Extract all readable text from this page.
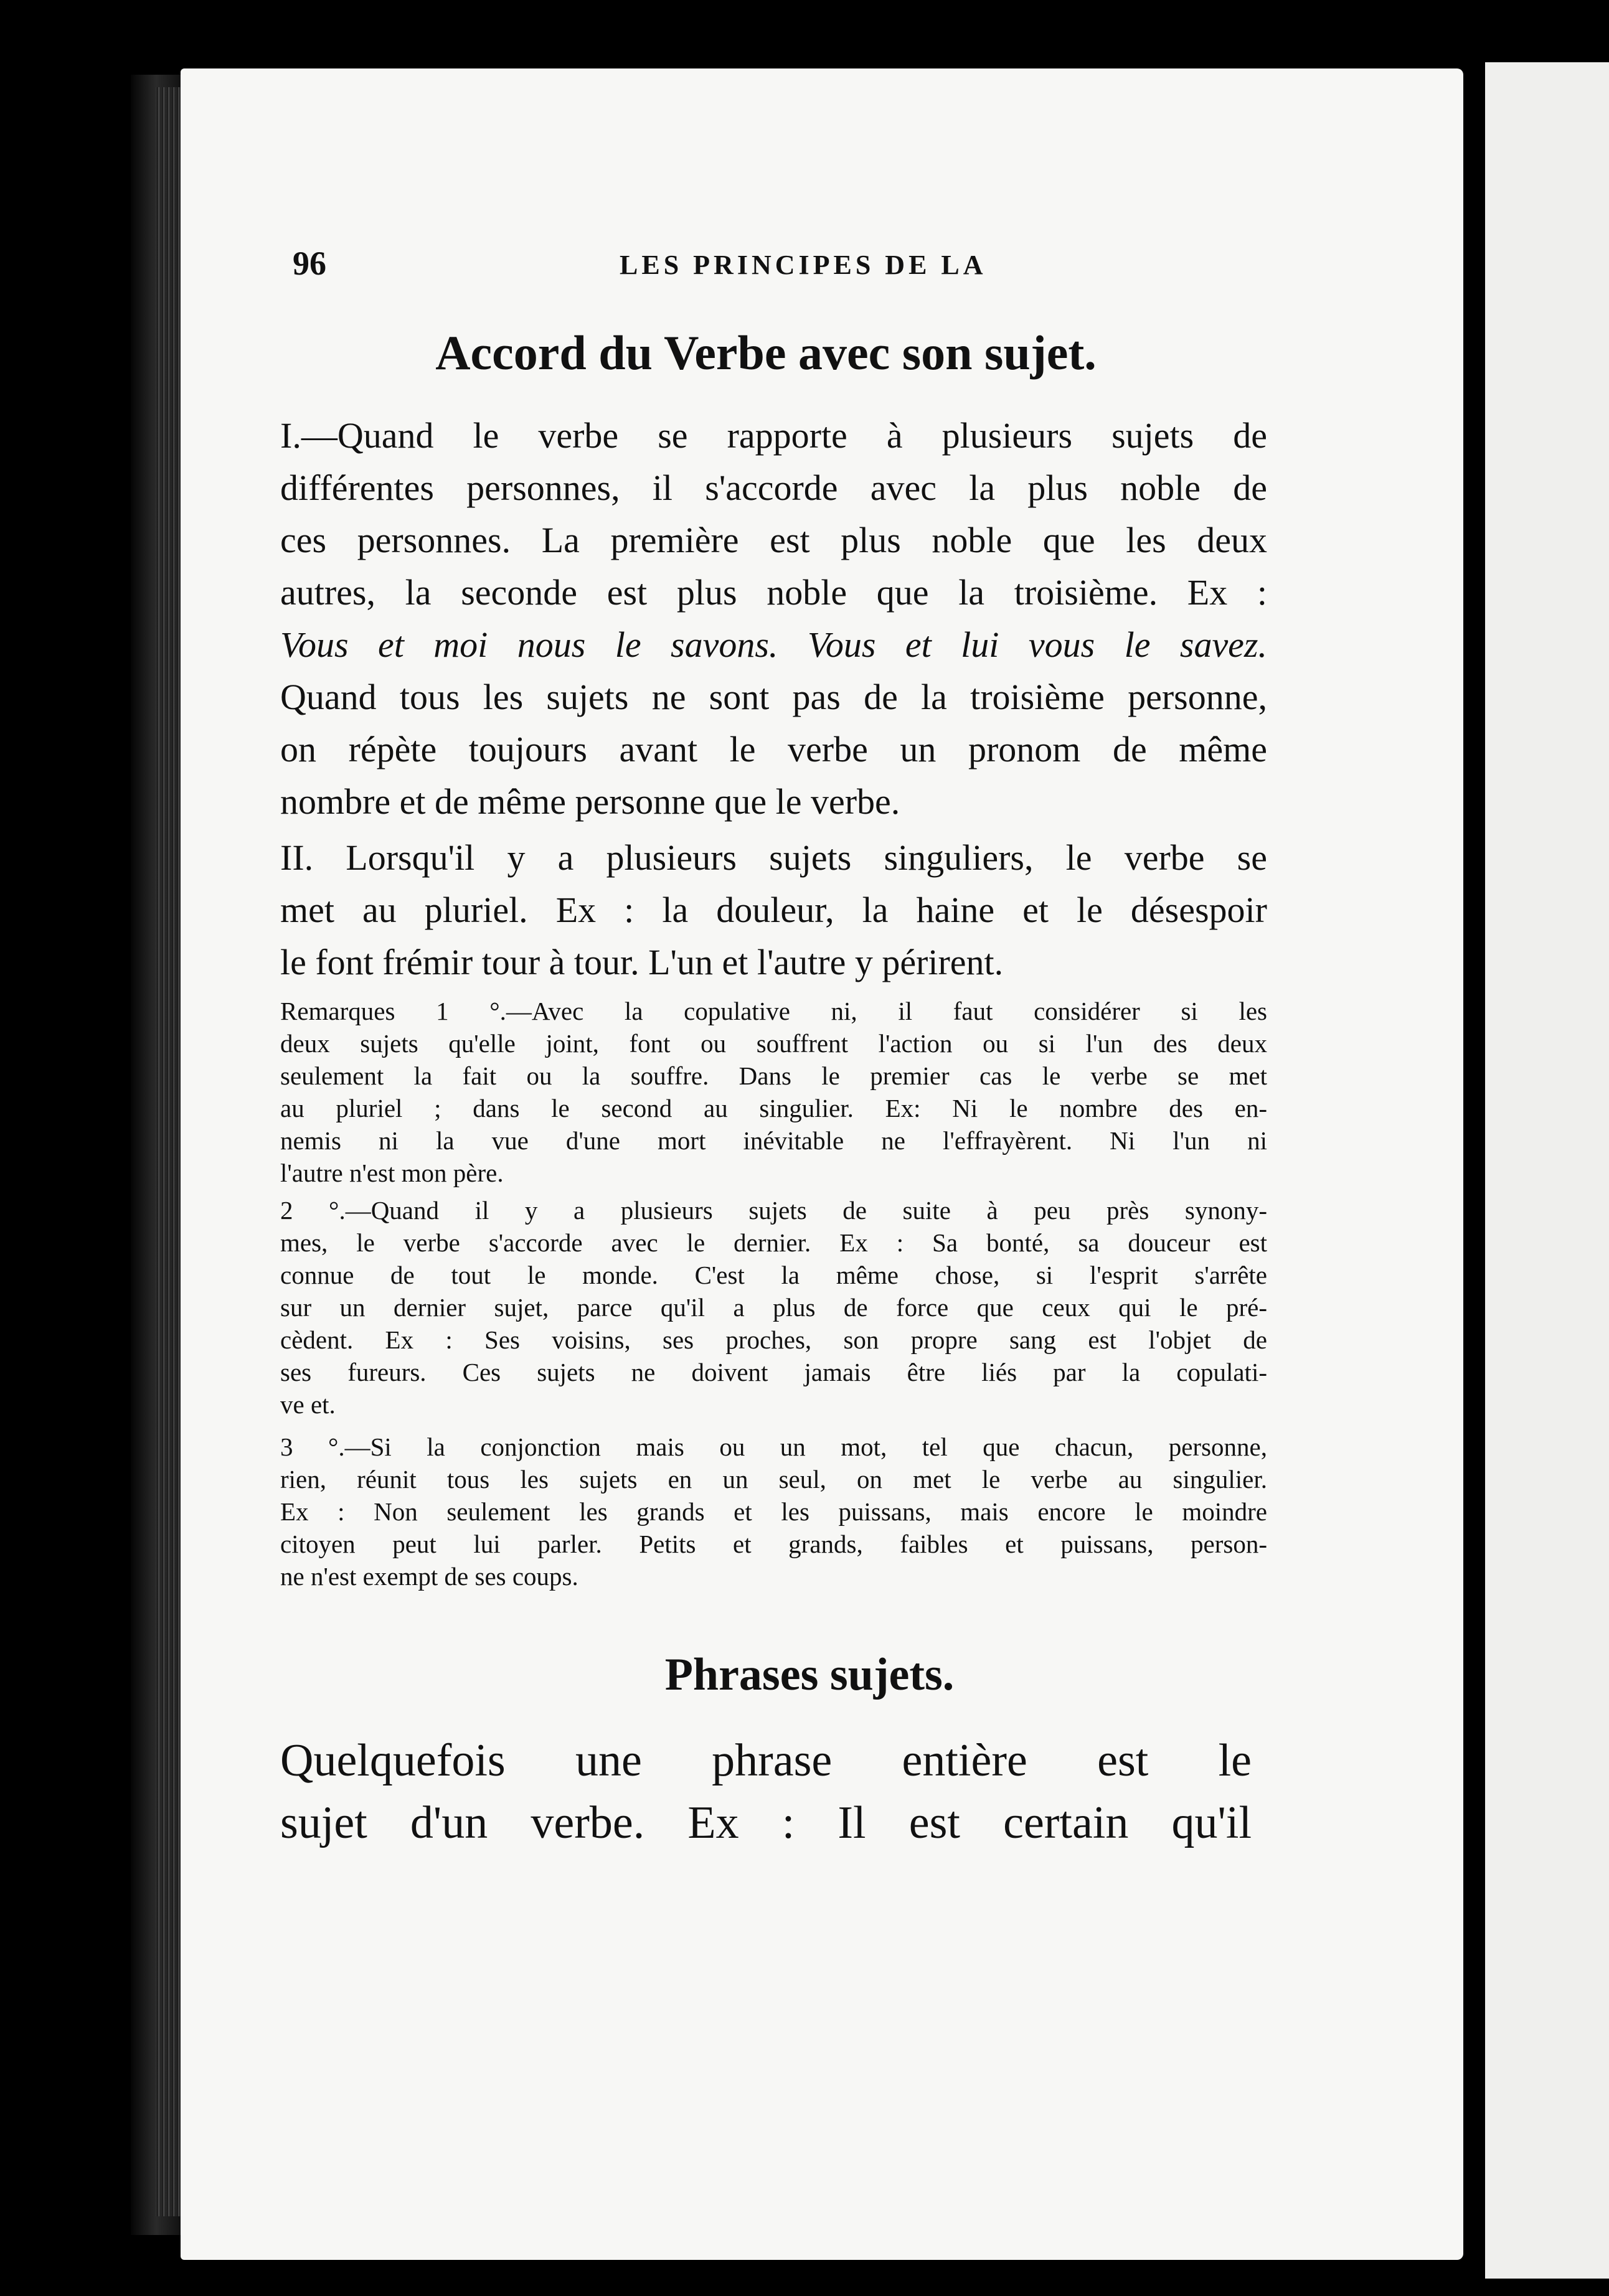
96	LES PRINCIPES DE LA

Accord du Verbe avec son sujet.

I.—Quand le verbe se rapporte à plusieurs sujets de

différentes personnes, il s'accorde avec la plus noble de

ces personnes. La première est plus noble que les deux

autres, la seconde est plus noble que la troisième. Ex :

Vous et moi nous le savons. Vous et lui vous le savez.

Quand tous les sujets ne sont pas de la troisième personne,

on répète toujours avant le verbe un pronom de même

nombre et de même personne que le verbe.

II. Lorsqu'il y a plusieurs sujets singuliers, le verbe se

met au pluriel. Ex : la douleur, la haine et le désespoir

le font frémir tour à tour. L'un et l'autre y périrent.

Remarques 1 °.—Avec la copulative ni, il faut considérer si les

deux sujets qu'elle joint, font ou souffrent l'action ou si l'un des deux

seulement la fait ou la souffre. Dans le premier cas le verbe se met

au pluriel ; dans le second au singulier. Ex: Ni le nombre des en-

nemis ni la vue d'une mort inévitable ne l'effrayèrent. Ni l'un ni

l'autre n'est mon père.

2 °.—Quand il y a plusieurs sujets de suite à peu près synony-

mes, le verbe s'accorde avec le dernier. Ex : Sa bonté, sa douceur est

connue de tout le monde. C'est la même chose, si l'esprit s'arrête

sur un dernier sujet, parce qu'il a plus de force que ceux qui le pré-

cèdent. Ex : Ses voisins, ses proches, son propre sang est l'objet de

ses fureurs. Ces sujets ne doivent jamais être liés par la copulati-

ve et.

3 °.—Si la conjonction mais ou un mot, tel que chacun, personne,

rien, réunit tous les sujets en un seul, on met le verbe au singulier.

Ex : Non seulement les grands et les puissans, mais encore le moindre

citoyen peut lui parler. Petits et grands, faibles et puissans, person-

ne n'est exempt de ses coups.

Phrases sujets.

Quelquefois une phrase entière est le

sujet d'un verbe. Ex : Il est certain qu'il
